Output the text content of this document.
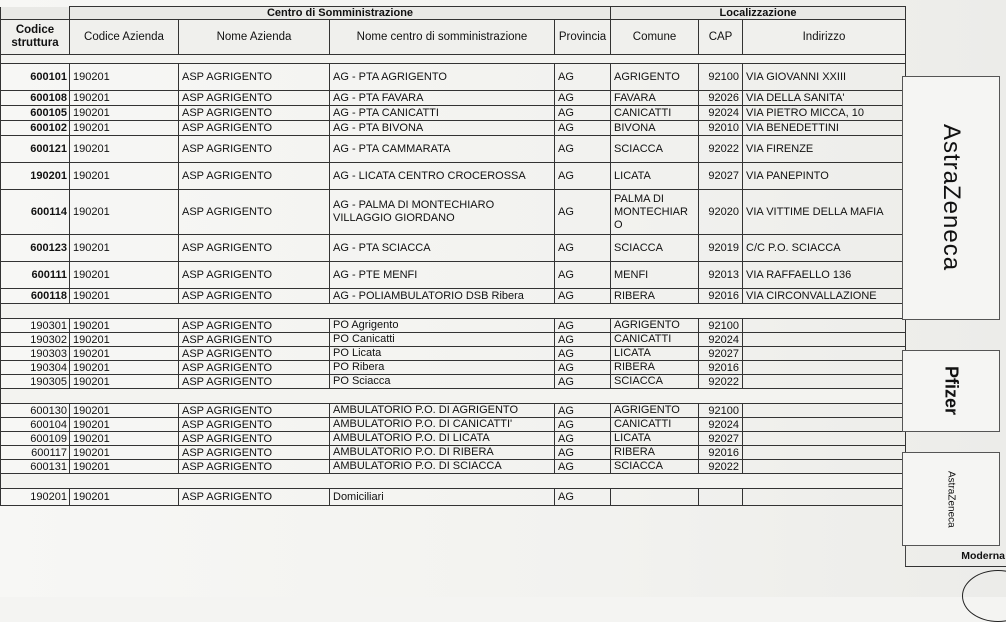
	Centro di Somministrazione				Localizzazione		
Codice struttura	Codice Azienda	Nome Azienda	Nome centro di somministrazione	Provincia	Comune	CAP	Indirizzo

600101	190201	ASP AGRIGENTO	AG - PTA AGRIGENTO	AG	AGRIGENTO	92100	VIA GIOVANNI XXIII
600108	190201	ASP AGRIGENTO	AG - PTA FAVARA	AG	FAVARA	92026	VIA DELLA SANITA'
600105	190201	ASP AGRIGENTO	AG - PTA CANICATTI	AG	CANICATTI	92024	VIA PIETRO MICCA, 10
600102	190201	ASP AGRIGENTO	AG - PTA BIVONA	AG	BIVONA	92010	VIA BENEDETTINI
600121	190201	ASP AGRIGENTO	AG - PTA CAMMARATA	AG	SCIACCA	92022	VIA FIRENZE
190201	190201	ASP AGRIGENTO	AG - LICATA CENTRO CROCEROSSA	AG	LICATA	92027	VIA PANEPINTO
600114	190201	ASP AGRIGENTO	AG - PALMA DI MONTECHIARO VILLAGGIO GIORDANO	AG	PALMA DI MONTECHIAR O	92020	VIA VITTIME DELLA MAFIA
600123	190201	ASP AGRIGENTO	AG - PTA SCIACCA	AG	SCIACCA	92019	C/C P.O. SCIACCA
600111	190201	ASP AGRIGENTO	AG - PTE MENFI	AG	MENFI	92013	VIA RAFFAELLO 136
600118	190201	ASP AGRIGENTO	AG - POLIAMBULATORIO DSB Ribera	AG	RIBERA	92016	VIA CIRCONVALLAZIONE

190301	190201	ASP AGRIGENTO	PO Agrigento	AG	AGRIGENTO	92100	
190302	190201	ASP AGRIGENTO	PO Canicatti	AG	CANICATTI	92024	
190303	190201	ASP AGRIGENTO	PO Licata	AG	LICATA	92027	
190304	190201	ASP AGRIGENTO	PO Ribera	AG	RIBERA	92016	
190305	190201	ASP AGRIGENTO	PO Sciacca	AG	SCIACCA	92022	

600130	190201	ASP AGRIGENTO	AMBULATORIO P.O. DI AGRIGENTO	AG	AGRIGENTO	92100	
600104	190201	ASP AGRIGENTO	AMBULATORIO P.O. DI CANICATTI'	AG	CANICATTI	92024	
600109	190201	ASP AGRIGENTO	AMBULATORIO P.O. DI LICATA	AG	LICATA	92027	
600117	190201	ASP AGRIGENTO	AMBULATORIO P.O. DI RIBERA	AG	RIBERA	92016	
600131	190201	ASP AGRIGENTO	AMBULATORIO P.O. DI SCIACCA	AG	SCIACCA	92022	

190201	190201	ASP AGRIGENTO	Domiciliari	AG			
AstraZeneca
Pfizer
AstraZeneca
Moderna
